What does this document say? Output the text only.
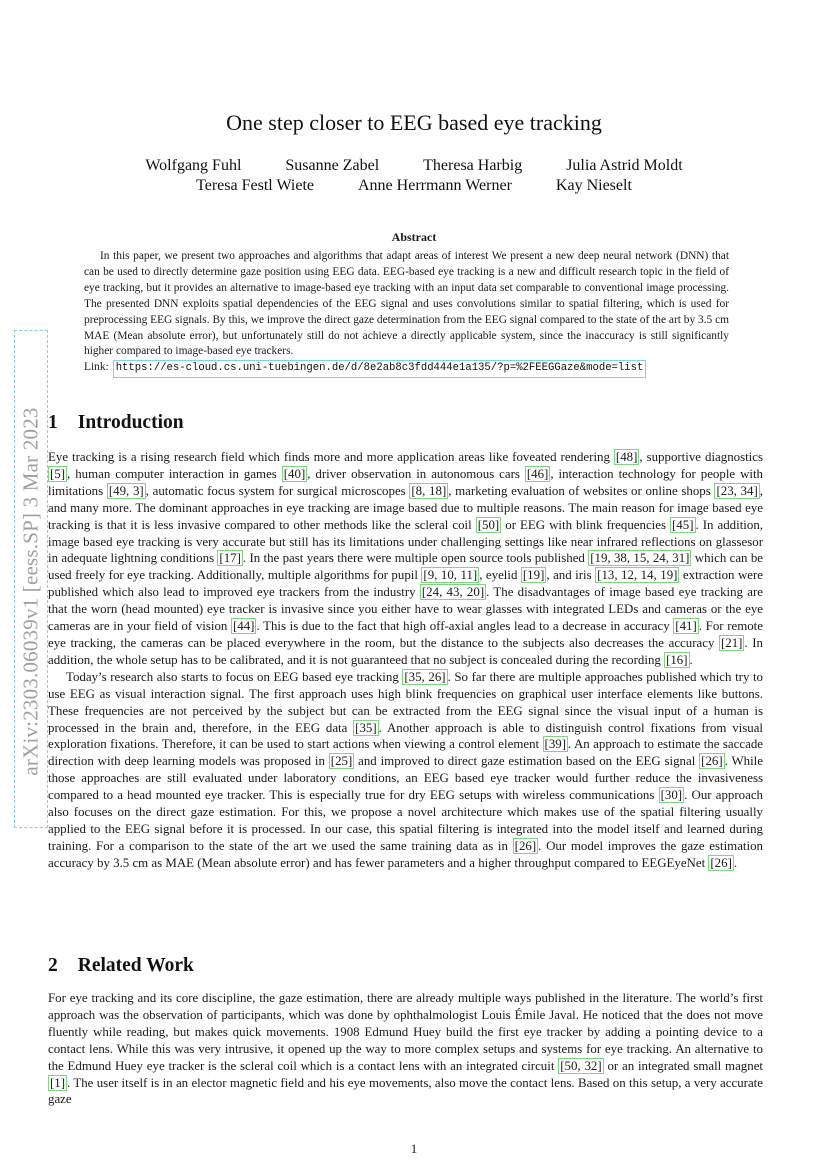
arXiv:2303.06039v1 [eess.SP] 3 Mar 2023
One step closer to EEG based eye tracking
Wolfgang Fuhl	Susanne Zabel	Theresa Harbig	Julia Astrid Moldt
Teresa Festl Wiete	Anne Herrmann Werner	Kay Nieselt
Abstract

In this paper, we present two approaches and algorithms that adapt areas of interest We present a new deep neural network (DNN) that can be used to directly determine gaze position using EEG data. EEG-based eye tracking is a new and difficult research topic in the field of eye tracking, but it provides an alternative to image-based eye tracking with an input data set comparable to conventional image processing. The presented DNN exploits spatial dependencies of the EEG signal and uses convolutions similar to spatial filtering, which is used for preprocessing EEG signals. By this, we improve the direct gaze determination from the EEG signal compared to the state of the art by 3.5 cm MAE (Mean absolute error), but unfortunately still do not achieve a directly applicable system, since the inaccuracy is still significantly higher compared to image-based eye trackers.

Link: https://es-cloud.cs.uni-tuebingen.de/d/8e2ab8c3fdd444e1a135/?p=%2FEEGGaze&mode=list
1 Introduction

Eye tracking is a rising research field which finds more and more application areas like foveated rendering [48] , supportive diagnostics [5] , human computer interaction in games [40] , driver observation in autonomous cars [46] , interaction technology for people with limitations [49, 3] , automatic focus system for surgical microscopes [8, 18] , marketing evaluation of websites or online shops [23, 34] , and many more. The dominant approaches in eye tracking are image based due to multiple reasons. The main reason for image based eye tracking is that it is less invasive compared to other methods like the scleral coil [50] or EEG with blink frequencies [45] . In addition, image based eye tracking is very accurate but still has its limitations under challenging settings like near infrared reflections on glassesor in adequate lightning conditions [17] . In the past years there were multiple open source tools published [19, 38, 15, 24, 31] which can be used freely for eye tracking. Additionally, multiple algorithms for pupil [9, 10, 11] , eyelid [19] , and iris [13, 12, 14, 19] extraction were published which also lead to improved eye trackers from the industry [24, 43, 20] . The disadvantages of image based eye tracking are that the worn (head mounted) eye tracker is invasive since you either have to wear glasses with integrated LEDs and cameras or the eye cameras are in your field of vision [44] . This is due to the fact that high off-axial angles lead to a decrease in accuracy [41] . For remote eye tracking, the cameras can be placed everywhere in the room, but the distance to the subjects also decreases the accuracy [21] . In addition, the whole setup has to be calibrated, and it is not guaranteed that no subject is concealed during the recording [16] .

Today’s research also starts to focus on EEG based eye tracking [35, 26] . So far there are multiple approaches published which try to use EEG as visual interaction signal. The first approach uses high blink frequencies on graphical user interface elements like buttons. These frequencies are not perceived by the subject but can be extracted from the EEG signal since the visual input of a human is processed in the brain and, therefore, in the EEG data [35] . Another approach is able to distinguish control fixations from visual exploration fixations. Therefore, it can be used to start actions when viewing a control element [39] . An approach to estimate the saccade direction with deep learning models was proposed in [25] and improved to direct gaze estimation based on the EEG signal [26] . While those approaches are still evaluated under laboratory conditions, an EEG based eye tracker would further reduce the invasiveness compared to a head mounted eye tracker. This is especially true for dry EEG setups with wireless communications [30] . Our approach also focuses on the direct gaze estimation. For this, we propose a novel architecture which makes use of the spatial filtering usually applied to the EEG signal before it is processed. In our case, this spatial filtering is integrated into the model itself and learned during training. For a comparison to the state of the art we used the same training data as in [26] . Our model improves the gaze estimation accuracy by 3.5 cm as MAE (Mean absolute error) and has fewer parameters and a higher throughput compared to EEGEyeNet [26] .

2 Related Work

For eye tracking and its core discipline, the gaze estimation, there are already multiple ways published in the literature. The world’s first approach was the observation of participants, which was done by ophthalmologist Louis Émile Javal. He noticed that the does not move fluently while reading, but makes quick movements. 1908 Edmund Huey build the first eye tracker by adding a pointing device to a contact lens. While this was very intrusive, it opened up the way to more complex setups and systems for eye tracking. An alternative to the Edmund Huey eye tracker is the scleral coil which is a contact lens with an integrated circuit [50, 32] or an integrated small magnet [1] . The user itself is in an elector magnetic field and his eye movements, also move the contact lens. Based on this setup, a very accurate gaze

1
